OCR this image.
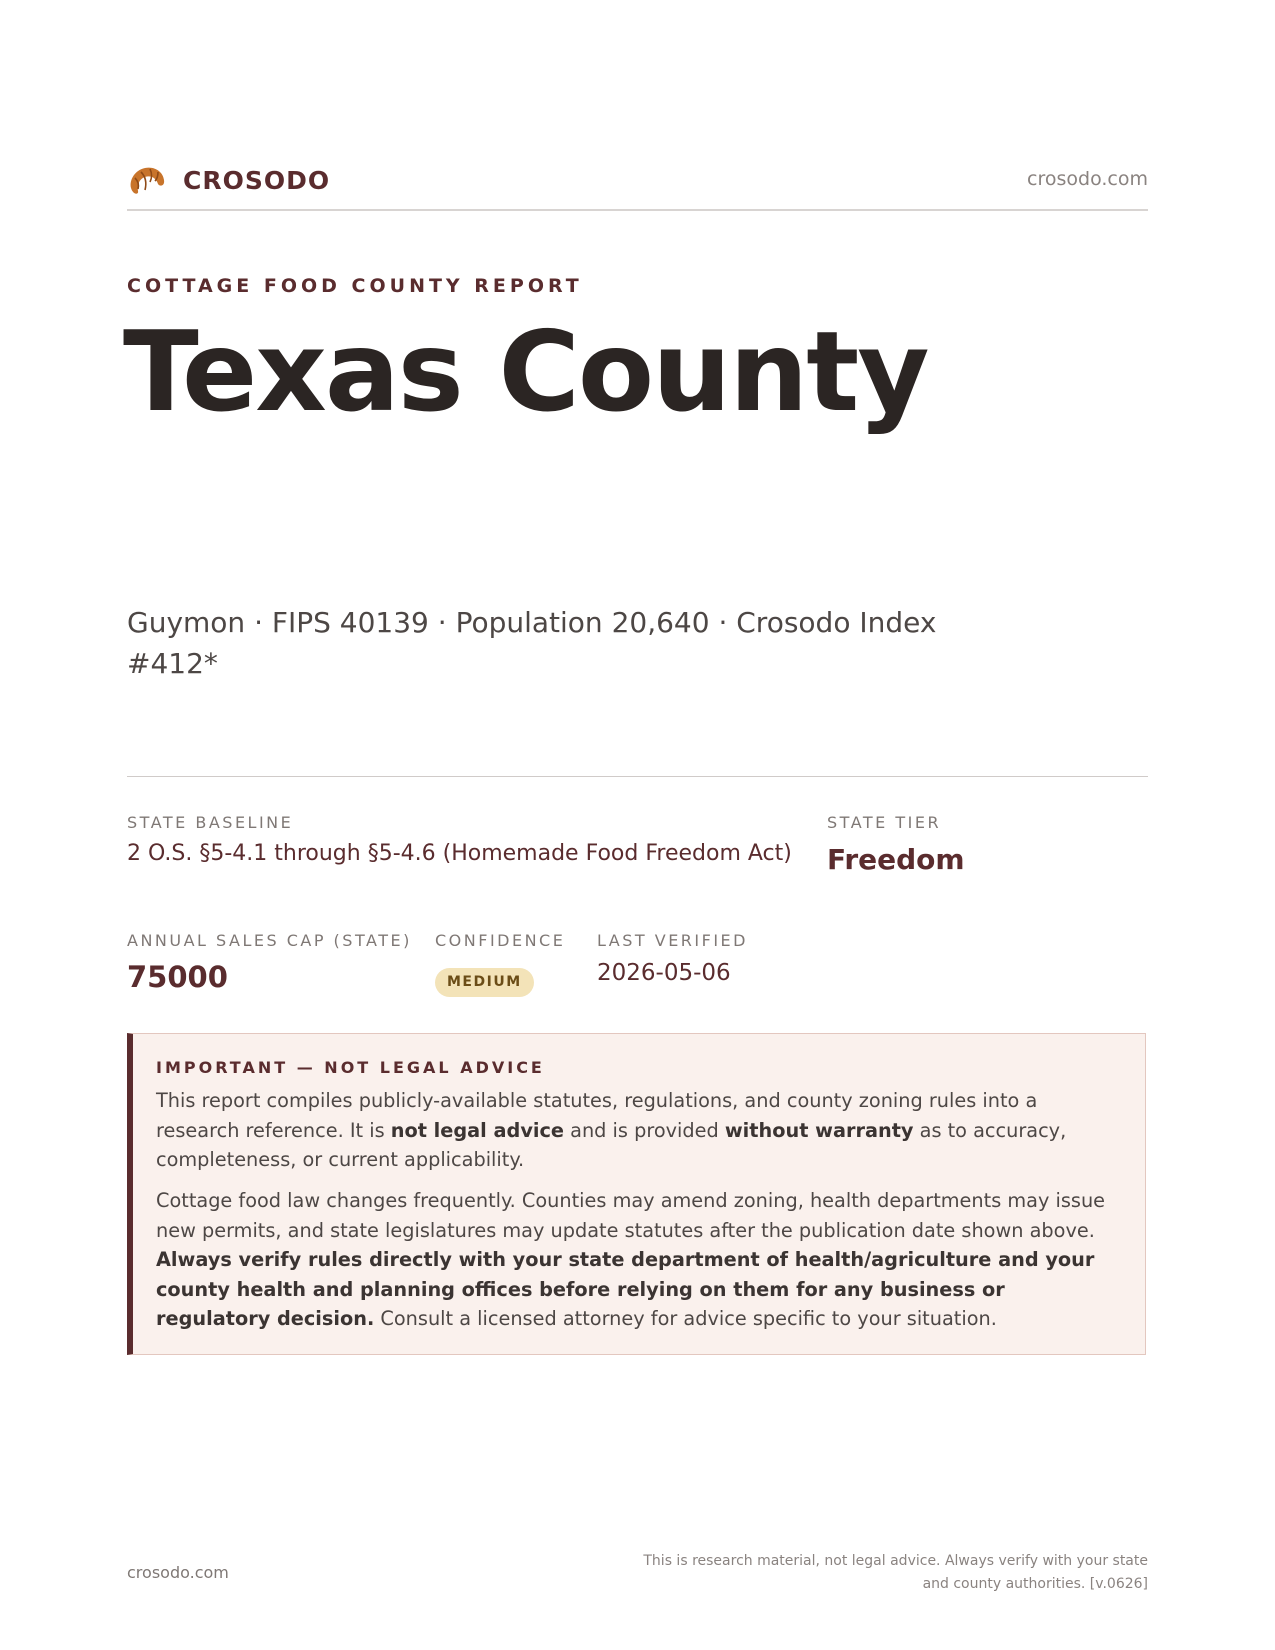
CROSODO	crosodo.com
COTTAGE FOOD COUNTY REPORT
Texas County
Guymon · FIPS 40139 · Population 20,640 · Crosodo Index #412*
STATE BASELINE
2 O.S. §5-4.1 through §5-4.6 (Homemade Food Freedom Act)
STATE TIER
Freedom
ANNUAL SALES CAP (STATE)
75000
CONFIDENCE
MEDIUM
LAST VERIFIED
2026-05-06
IMPORTANT — NOT LEGAL ADVICE
This report compiles publicly-available statutes, regulations, and county zoning rules into a research reference. It is not legal advice and is provided without warranty as to accuracy, completeness, or current applicability.
Cottage food law changes frequently. Counties may amend zoning, health departments may issue new permits, and state legislatures may update statutes after the publication date shown above. Always verify rules directly with your state department of health/agriculture and your county health and planning offices before relying on them for any business or regulatory decision. Consult a licensed attorney for advice specific to your situation.
crosodo.com
This is research material, not legal advice. Always verify with your state
and county authorities. [v.0626]
